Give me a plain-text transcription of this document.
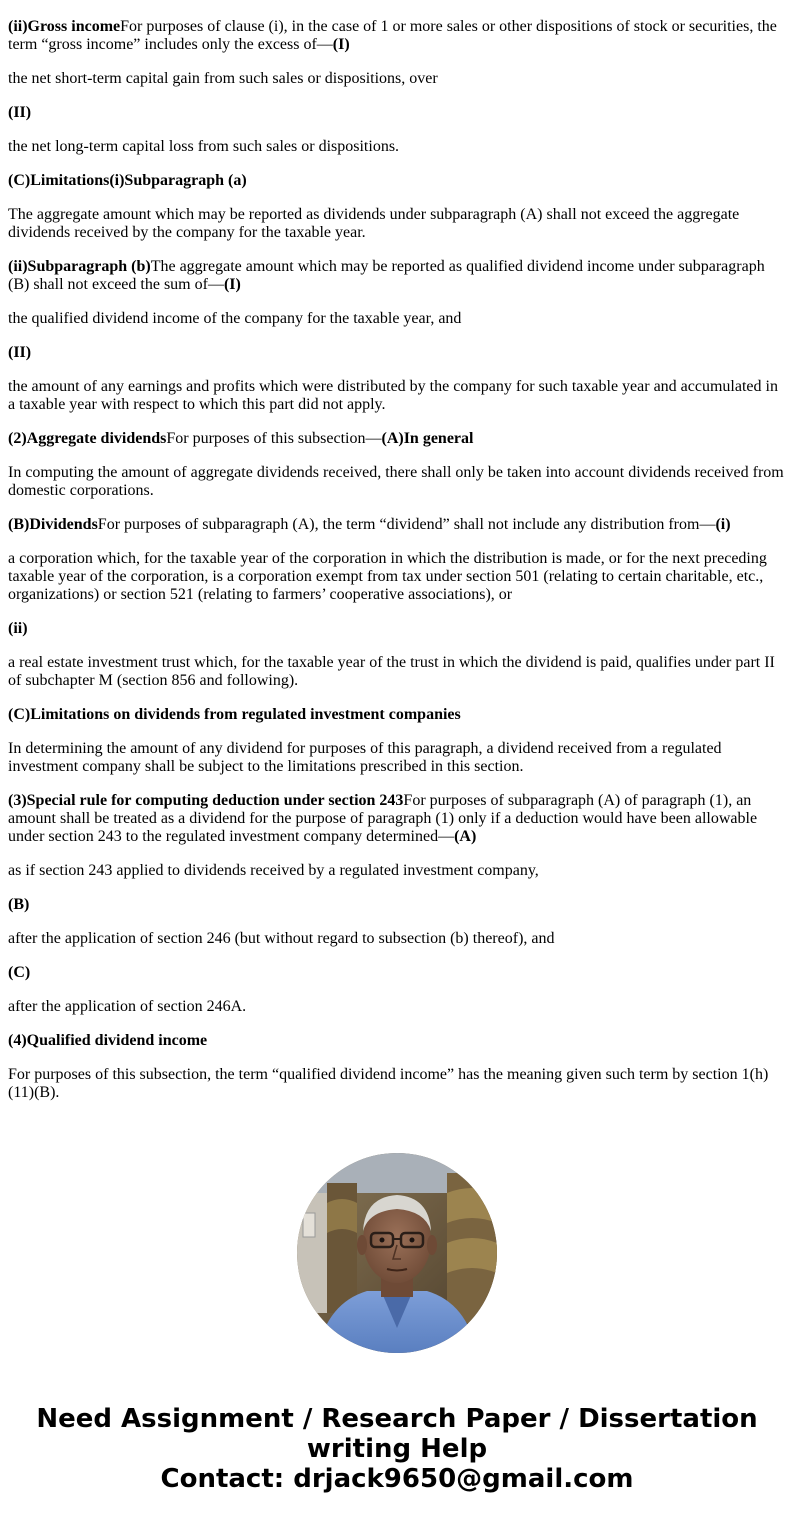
(ii)Gross incomeFor purposes of clause (i), in the case of 1 or more sales or other dispositions of stock or securities, the term “gross income” includes only the excess of—(I)

the net short-term capital gain from such sales or dispositions, over

(II)

the net long-term capital loss from such sales or dispositions.

(C)Limitations(i)Subparagraph (a)

The aggregate amount which may be reported as dividends under subparagraph (A) shall not exceed the aggregate dividends received by the company for the taxable year.

(ii)Subparagraph (b)The aggregate amount which may be reported as qualified dividend income under subparagraph (B) shall not exceed the sum of—(I)

the qualified dividend income of the company for the taxable year, and

(II)

the amount of any earnings and profits which were distributed by the company for such taxable year and accumulated in a taxable year with respect to which this part did not apply.

(2)Aggregate dividendsFor purposes of this subsection—(A)In general

In computing the amount of aggregate dividends received, there shall only be taken into account dividends received from domestic corporations.

(B)DividendsFor purposes of subparagraph (A), the term “dividend” shall not include any distribution from—(i)

a corporation which, for the taxable year of the corporation in which the distribution is made, or for the next preceding taxable year of the corporation, is a corporation exempt from tax under section 501 (relating to certain charitable, etc., organizations) or section 521 (relating to farmers’ cooperative associations), or

(ii)

a real estate investment trust which, for the taxable year of the trust in which the dividend is paid, qualifies under part II of subchapter M (section 856 and following).

(C)Limitations on dividends from regulated investment companies

In determining the amount of any dividend for purposes of this paragraph, a dividend received from a regulated investment company shall be subject to the limitations prescribed in this section.

(3)Special rule for computing deduction under section 243For purposes of subparagraph (A) of paragraph (1), an amount shall be treated as a dividend for the purpose of paragraph (1) only if a deduction would have been allowable under section 243 to the regulated investment company determined—(A)

as if section 243 applied to dividends received by a regulated investment company,

(B)

after the application of section 246 (but without regard to subsection (b) thereof), and

(C)

after the application of section 246A.

(4)Qualified dividend income

For purposes of this subsection, the term “qualified dividend income” has the meaning given such term by section 1(h)(11)(B).

Need Assignment / Research Paper / Dissertation
writing Help
Contact: drjack9650@gmail.com
